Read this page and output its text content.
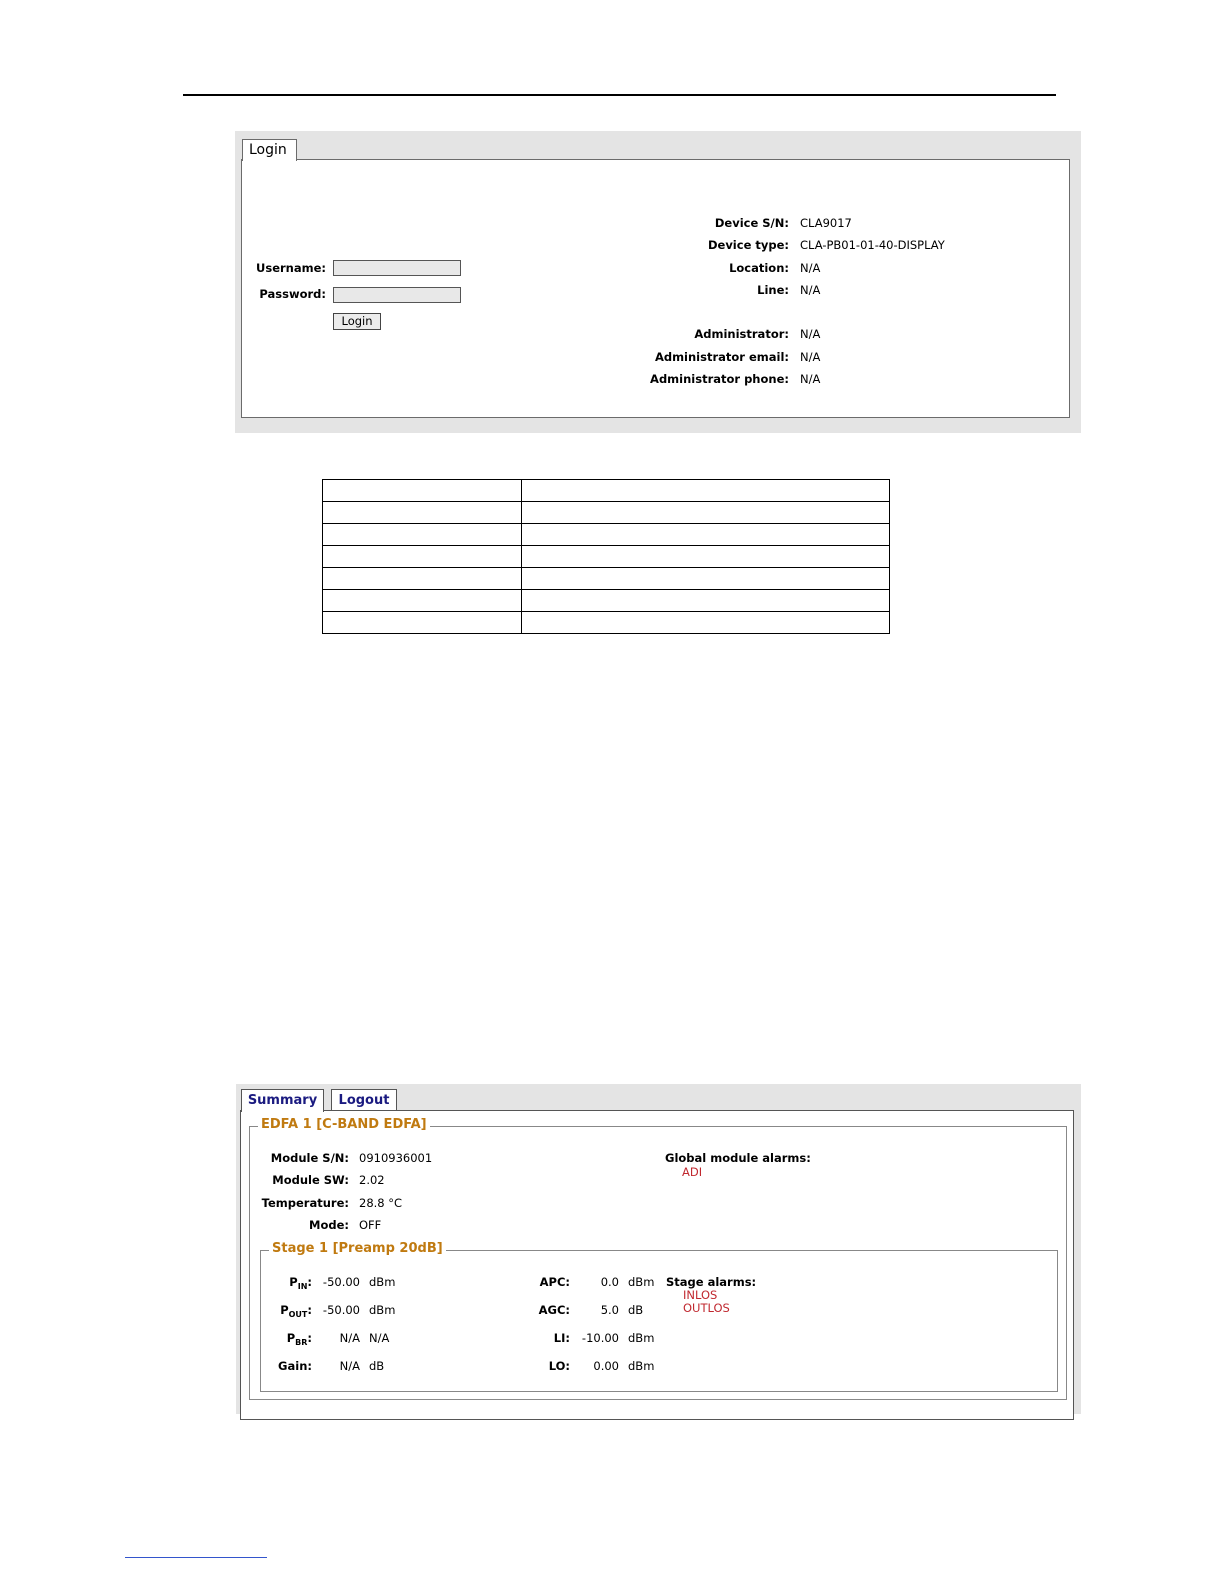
Login
Username:
Password:
Login
Device S/N: CLA9017
Device type: CLA-PB01-01-40-DISPLAY
Location: N/A
Line: N/A
Administrator: N/A
Administrator email: N/A
Administrator phone: N/A

Summary	Logout
EDFA 1 [C-BAND EDFA]
Module S/N: 0910936001
Module SW: 2.02
Temperature: 28.8 °C
Mode: OFF
Global module alarms:
ADI
Stage 1 [Preamp 20dB]
$P_{IN}$: -50.00 dBm
$P_{OUT}$: -50.00 dBm
$P_{BR}$: N/A N/A
Gain: N/A dB
APC:	0.0 dBm
AGC:	5.0 dB
LI: -10.00 dBm
LO: 0.00 dBm
Stage alarms:
INLOS
OUTLOS
